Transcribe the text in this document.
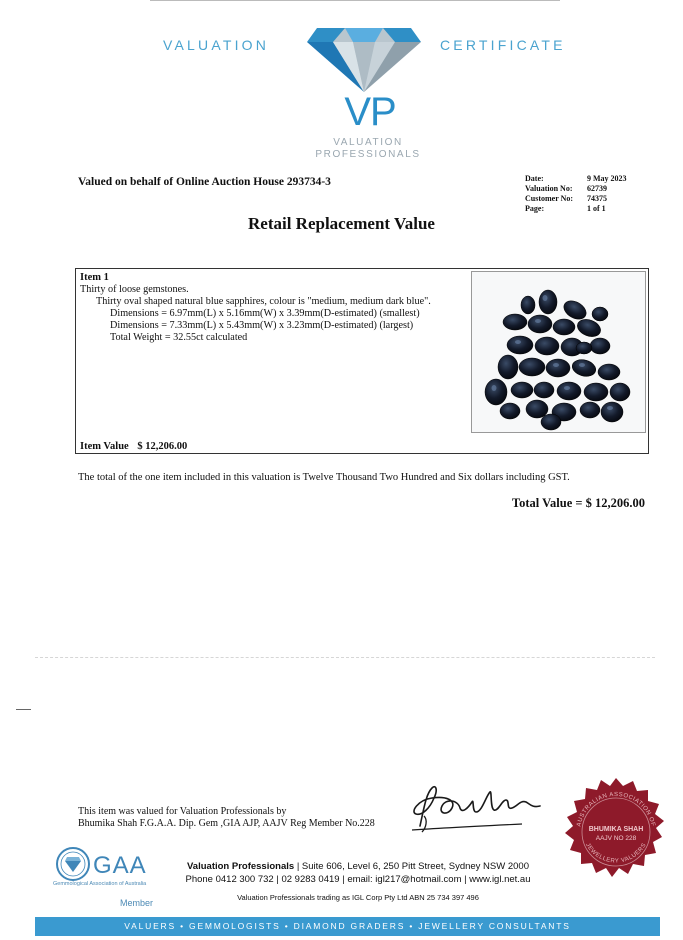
VALUATION	CERTIFICATE
VP
VALUATION
PROFESSIONALS
Valued on behalf of Online Auction House 293734-3	Date:	9 May 2023
Valuation No:	62739
Customer No:	74375
Page:	1 of 1
Retail Replacement Value
Item 1
Thirty of loose gemstones.
Thirty oval shaped natural blue sapphires, colour is "medium, medium dark blue".
Dimensions = 6.97mm(L) x 5.16mm(W) x 3.39mm(D-estimated) (smallest)
Dimensions = 7.33mm(L) x 5.43mm(W) x 3.23mm(D-estimated) (largest)
Total Weight = 32.55ct calculated
Item Value $ 12,206.00
The total of the one item included in this valuation is Twelve Thousand Two Hundred and Six dollars including GST.
Total Value = $ 12,206.00
This item was valued for Valuation Professionals by
Bhumika Shah F.G.A.A. Dip. Gem ,GIA AJP, AAJV Reg Member No.228	AUSTRALIAN ASSOCIATION OF
BHUMIKA SHAH
AAJV NO 228
JEWELLERY VALUERS
GAA
Gemmological Association of Australia
Member
Valuation Professionals | Suite 606, Level 6, 250 Pitt Street, Sydney NSW 2000
Phone 0412 300 732 | 02 9283 0419 | email: igl217@hotmail.com | www.igl.net.au
Valuation Professionals trading as IGL Corp Pty Ltd ABN 25 734 397 496
VALUERS • GEMMOLOGISTS • DIAMOND GRADERS • JEWELLERY CONSULTANTS
